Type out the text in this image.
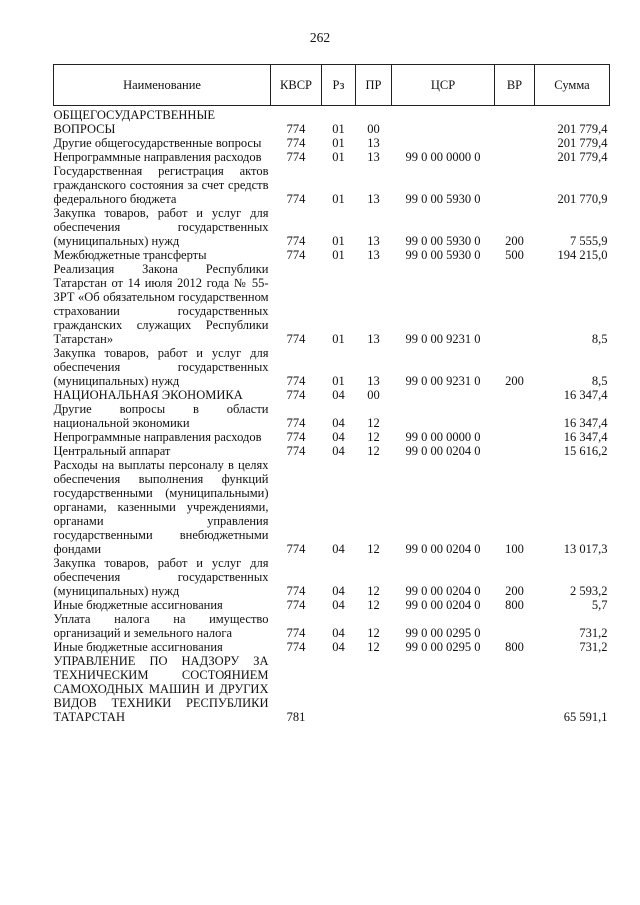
262
Наименование	КВСР	Рз	ПР	ЦСР	ВР	Сумма
ОБЩЕГОСУДАРСТВЕННЫЕ ВОПРОСЫ	774	01	00			201 779,4
Другие общегосударственные вопросы	774	01	13			201 779,4
Непрограммные направления расходов	774	01	13	99 0 00 0000 0		201 779,4
Государственная регистрация актов гражданского состояния за счет средств федерального бюджета	774	01	13	99 0 00 5930 0		201 770,9
Закупка товаров, работ и услуг для обеспечения государственных (муниципальных) нужд	774	01	13	99 0 00 5930 0	200	7 555,9
Межбюджетные трансферты	774	01	13	99 0 00 5930 0	500	194 215,0
Реализация Закона Республики Татарстан от 14 июля 2012 года № 55-ЗРТ «Об обязательном государственном страховании государственных гражданских служащих Республики Татарстан»	774	01	13	99 0 00 9231 0		8,5
Закупка товаров, работ и услуг для обеспечения государственных (муниципальных) нужд	774	01	13	99 0 00 9231 0	200	8,5
НАЦИОНАЛЬНАЯ ЭКОНОМИКА	774	04	00			16 347,4
Другие вопросы в области национальной экономики	774	04	12			16 347,4
Непрограммные направления расходов	774	04	12	99 0 00 0000 0		16 347,4
Центральный аппарат	774	04	12	99 0 00 0204 0		15 616,2
Расходы на выплаты персоналу в целях обеспечения выполнения функций государственными (муниципальными) органами, казенными учреждениями, органами управления государственными внебюджетными фондами	774	04	12	99 0 00 0204 0	100	13 017,3
Закупка товаров, работ и услуг для обеспечения государственных (муниципальных) нужд	774	04	12	99 0 00 0204 0	200	2 593,2
Иные бюджетные ассигнования	774	04	12	99 0 00 0204 0	800	5,7
Уплата налога на имущество организаций и земельного налога	774	04	12	99 0 00 0295 0		731,2
Иные бюджетные ассигнования	774	04	12	99 0 00 0295 0	800	731,2
УПРАВЛЕНИЕ ПО НАДЗОРУ ЗА ТЕХНИЧЕСКИМ СОСТОЯНИЕМ САМОХОДНЫХ МАШИН И ДРУГИХ ВИДОВ ТЕХНИКИ РЕСПУБЛИКИ ТАТАРСТАН	781					65 591,1
